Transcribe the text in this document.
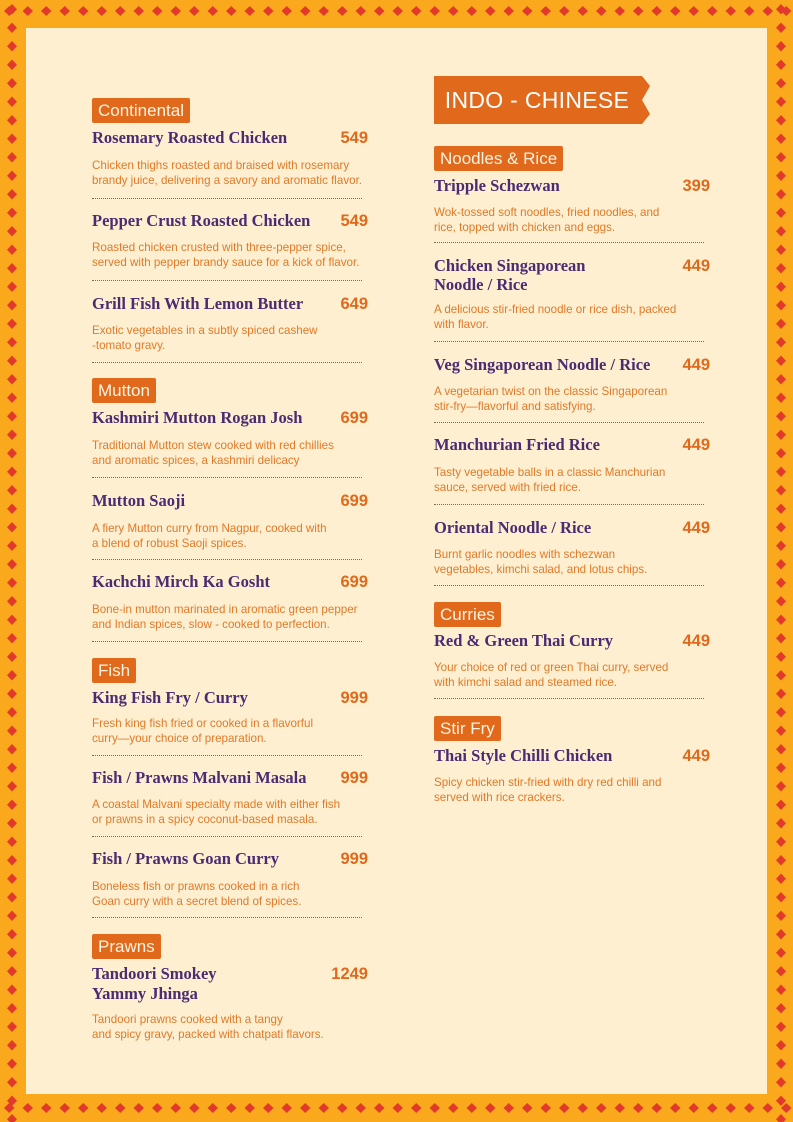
Continental
Rosemary Roasted Chicken	549
Chicken thighs roasted and braised with rosemary
brandy juice, delivering a savory and aromatic flavor.
Pepper Crust Roasted Chicken	549
Roasted chicken crusted with three-pepper spice,
served with pepper brandy sauce for a kick of flavor.
Grill Fish With Lemon Butter	649
Exotic vegetables in a subtly spiced cashew
-tomato gravy.
Mutton
Kashmiri Mutton Rogan Josh	699
Traditional Mutton stew cooked with red chillies
and aromatic spices, a kashmiri delicacy
Mutton Saoji	699
A fiery Mutton curry from Nagpur, cooked with
a blend of robust Saoji spices.
Kachchi Mirch Ka Gosht	699
Bone-in mutton marinated in aromatic green pepper
and Indian spices, slow - cooked to perfection.
Fish
King Fish Fry / Curry	999
Fresh king fish fried or cooked in a flavorful
curry—your choice of preparation.
Fish / Prawns Malvani Masala	999
A coastal Malvani specialty made with either fish
or prawns in a spicy coconut-based masala.
Fish / Prawns Goan Curry	999
Boneless fish or prawns cooked in a rich
Goan curry with a secret blend of spices.
Prawns
Tandoori Smokey
Yammy Jhinga
1249
Tandoori prawns cooked with a tangy
and spicy gravy, packed with chatpati flavors.
INDO - CHINESE
Noodles & Rice
Tripple Schezwan	399
Wok-tossed soft noodles, fried noodles, and
rice, topped with chicken and eggs.
Chicken Singaporean
Noodle / Rice
449
A delicious stir-fried noodle or rice dish, packed
with flavor.
Veg Singaporean Noodle / Rice	449
A vegetarian twist on the classic Singaporean
stir-fry—flavorful and satisfying.
Manchurian Fried Rice	449
Tasty vegetable balls in a classic Manchurian
sauce, served with fried rice.
Oriental Noodle / Rice	449
Burnt garlic noodles with schezwan
vegetables, kimchi salad, and lotus chips.
Curries
Red & Green Thai Curry	449
Your choice of red or green Thai curry, served
with kimchi salad and steamed rice.
Stir Fry
Thai Style Chilli Chicken	449
Spicy chicken stir-fried with dry red chilli and
served with rice crackers.
